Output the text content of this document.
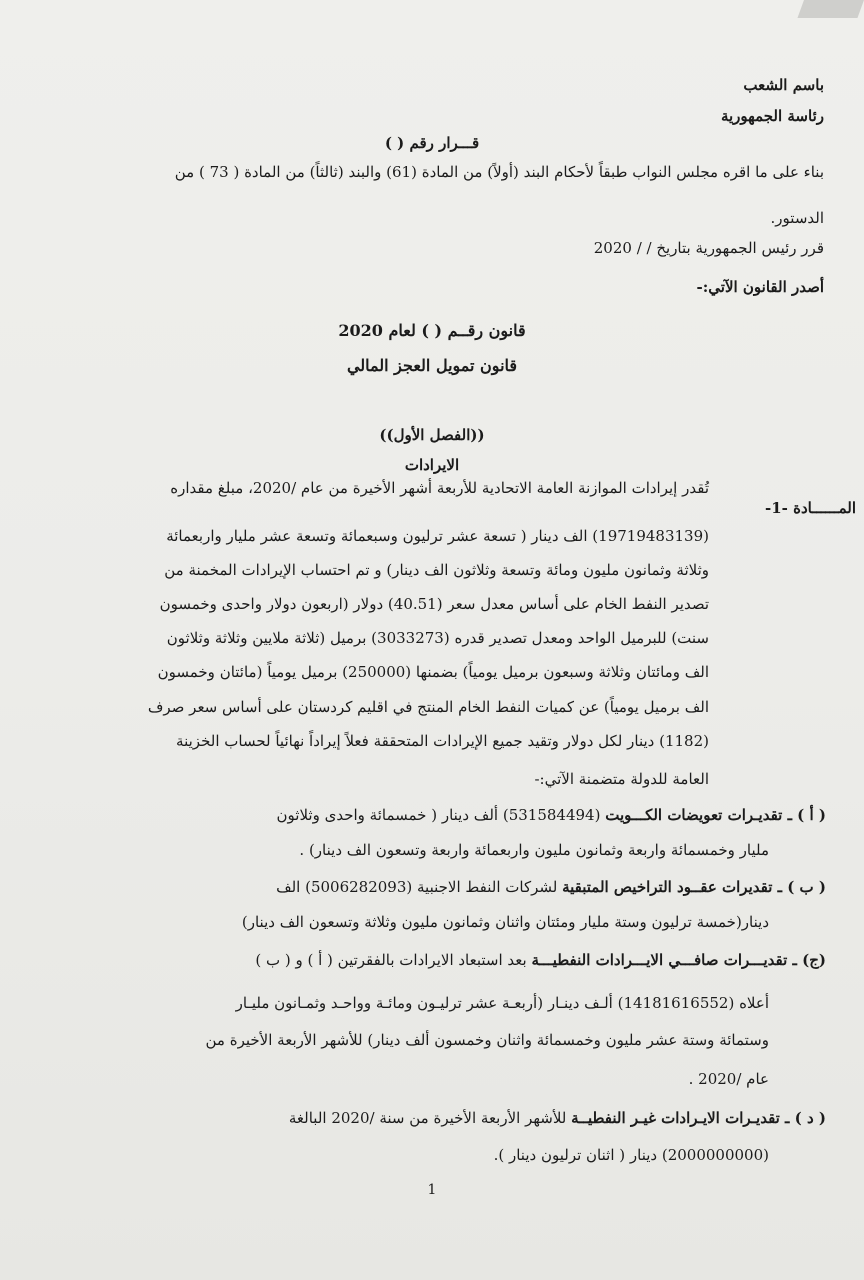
باسم الشعب
رئاسة الجمهورية
قـــرار رقم ( )
بناء على ما اقره مجلس النواب طبقاً لأحكام البند (أولاً) من المادة (61) والبند (ثالثاً) من المادة ( 73 ) من
الدستور.
قرر رئيس الجمهورية بتاريخ / / 2020
أصدر القانون الآتي:-
قانون رقــم ( ) لعام 2020
قانون تمويل العجز المالي
((الفصل الأول))
الايرادات
المــــــادة -1-
تُقدر إيرادات الموازنة العامة الاتحادية للأربعة أشهر الأخيرة من عام /2020، مبلغ مقداره
(19719483139) الف دينار ( تسعة عشر ترليون وسبعمائة وتسعة عشر مليار واربعمائة
وثلاثة وثمانون مليون ومائة وتسعة وثلاثون الف دينار) و تم احتساب الإيرادات المخمنة من
تصدير النفط الخام على أساس معدل سعر (40.51) دولار (اربعون دولار واحدى وخمسون
سنت) للبرميل الواحد ومعدل تصدير قدره (3033273) برميل (ثلاثة ملايين وثلاثة وثلاثون
الف ومائتان وثلاثة وسبعون برميل يومياً) بضمنها (250000) برميل يومياً (مائتان وخمسون
الف برميل يومياً) عن كميات النفط الخام المنتج في اقليم كردستان على أساس سعر صرف
(1182) دينار لكل دولار وتقيد جميع الإيرادات المتحققة فعلاً إيراداً نهائياً لحساب الخزينة
العامة للدولة متضمنة الآتي:-
( أ ) ـ تقديـرات تعويضات الكـــويت (531584494) ألف دينار ( خمسمائة واحدى وثلاثون
مليار وخمسمائة واربعة وثمانون مليون واربعمائة واربعة وتسعون الف دينار) .
( ب ) ـ تقديرات عقــود التراخيص المتبقية لشركات النفط الاجنبية (5006282093) الف
دينار(خمسة ترليون وستة مليار ومئتان واثنان وثمانون مليون وثلاثة وتسعون الف دينار)
(ج) ـ تقديـــرات صافـــي الايـــرادات النفطيـــة بعد استبعاد الايرادات بالفقرتين ( أ ) و ( ب )
أعلاه (14181616552) ألـف دينـار (أربعـة عشر ترليـون ومائـة وواحـد وثمـانون مليـار
وستمائة وستة عشر مليون وخمسمائة واثنان وخمسون ألف دينار) للأشهر الأربعة الأخيرة من
عام /2020 .
( د ) ـ تقديـرات الايـرادات غيـر النفطيــة للأشهر الأربعة الأخيرة من سنة /2020 البالغة
(2000000000) دينار ( اثنان ترليون دينار ).
1
